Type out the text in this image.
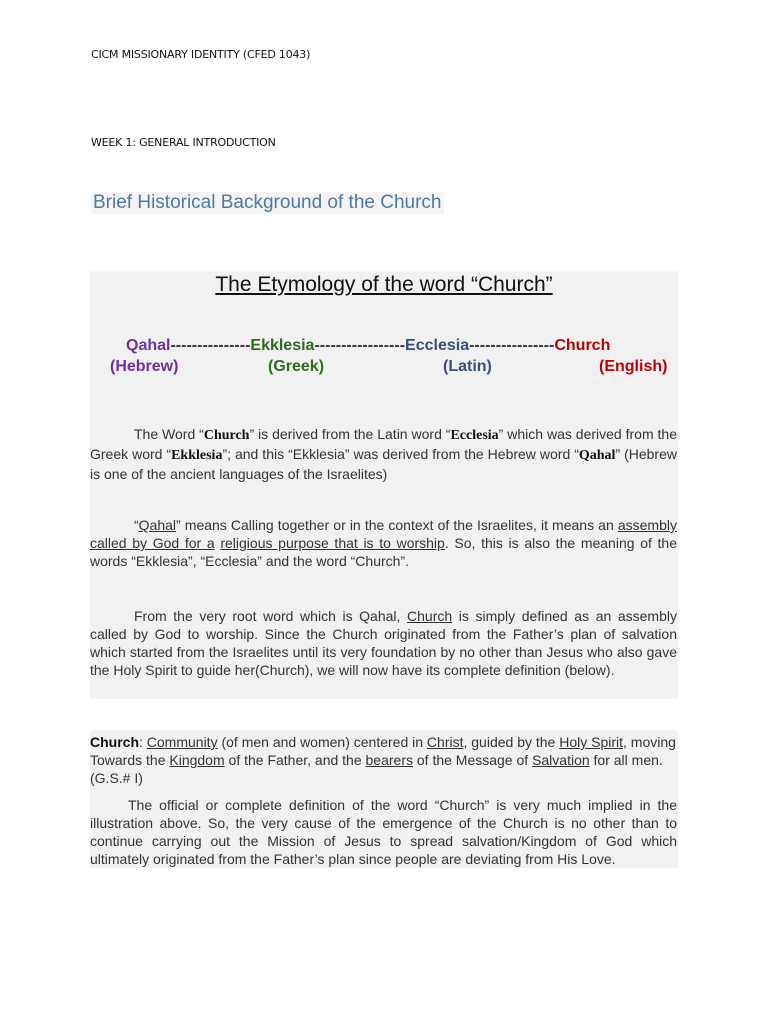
CICM MISSIONARY IDENTITY (CFED 1043)
WEEK 1: GENERAL INTRODUCTION
Brief Historical Background of the Church
The Etymology of the word “Church”
Qahal---------------Ekklesia-----------------Ecclesia----------------Church
(Hebrew)	(Greek)	(Latin)	(English)
The Word “Church” is derived from the Latin word “Ecclesia” which was derived from the Greek word “Ekklesia”; and this “Ekklesia” was derived from the Hebrew word “Qahal” (Hebrew is one of the ancient languages of the Israelites)
“Qahal” means Calling together or in the context of the Israelites, it means an assembly called by God for a religious purpose that is to worship. So, this is also the meaning of the words “Ekklesia”, “Ecclesia” and the word “Church”.
From the very root word which is Qahal, Church is simply defined as an assembly called by God to worship. Since the Church originated from the Father’s plan of salvation which started from the Israelites until its very foundation by no other than Jesus who also gave the Holy Spirit to guide her(Church), we will now have its complete definition (below).
Church: Community (of men and women) centered in Christ, guided by the Holy Spirit, moving Towards the Kingdom of the Father, and the bearers of the Message of Salvation for all men.(G.S.# I)
The official or complete definition of the word “Church” is very much implied in the illustration above. So, the very cause of the emergence of the Church is no other than to continue carrying out the Mission of Jesus to spread salvation/Kingdom of God which ultimately originated from the Father’s plan since people are deviating from His Love.
